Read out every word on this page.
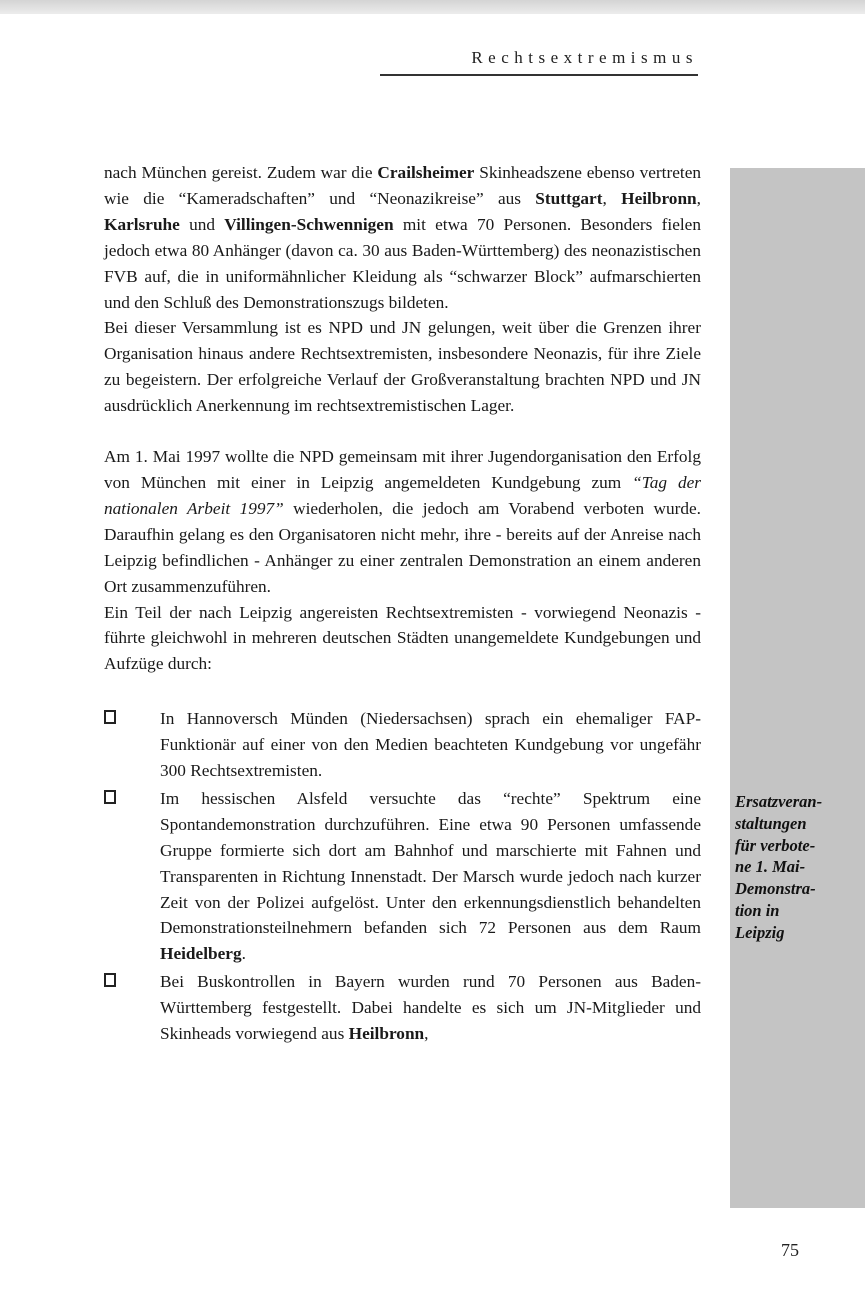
Rechtsextremismus

nach München gereist. Zudem war die Crailsheimer Skinheadszene ebenso vertreten wie die “Kameradschaften” und “Neonazikreise” aus Stuttgart, Heilbronn, Karlsruhe und Villingen-Schwennigen mit etwa 70 Personen. Besonders fielen jedoch etwa 80 Anhänger (davon ca. 30 aus Baden-Württemberg) des neonazistischen FVB auf, die in uniformähnlicher Kleidung als “schwarzer Block” aufmarschierten und den Schluß des Demonstrationszugs bildeten.

Bei dieser Versammlung ist es NPD und JN gelungen, weit über die Grenzen ihrer Organisation hinaus andere Rechtsextremisten, insbesondere Neonazis, für ihre Ziele zu begeistern. Der erfolgreiche Verlauf der Großveranstaltung brachten NPD und JN ausdrücklich Anerkennung im rechtsextremistischen Lager.

Am 1. Mai 1997 wollte die NPD gemeinsam mit ihrer Jugendorganisation den Erfolg von München mit einer in Leipzig angemeldeten Kundgebung zum “Tag der nationalen Arbeit 1997” wiederholen, die jedoch am Vorabend verboten wurde. Daraufhin gelang es den Organisatoren nicht mehr, ihre - bereits auf der Anreise nach Leipzig befindlichen - Anhänger zu einer zentralen Demonstration an einem anderen Ort zusammenzuführen.

Ein Teil der nach Leipzig angereisten Rechtsextremisten - vorwiegend Neonazis - führte gleichwohl in mehreren deutschen Städten unangemeldete Kundgebungen und Aufzüge durch:

In Hannoversch Münden (Niedersachsen) sprach ein ehemaliger FAP-Funktionär auf einer von den Medien beachteten Kundgebung vor ungefähr 300 Rechtsextremisten.
Im hessischen Alsfeld versuchte das “rechte” Spektrum eine Spontandemonstration durchzuführen. Eine etwa 90 Personen umfassende Gruppe formierte sich dort am Bahnhof und marschierte mit Fahnen und Transparenten in Richtung Innenstadt. Der Marsch wurde jedoch nach kurzer Zeit von der Polizei aufgelöst. Unter den erkennungsdienstlich behandelten Demonstrationsteilnehmern befanden sich 72 Personen aus dem Raum Heidelberg.
Bei Buskontrollen in Bayern wurden rund 70 Personen aus Baden-Württemberg festgestellt. Dabei handelte es sich um JN-Mitglieder und Skinheads vorwiegend aus Heilbronn,
Ersatzveran-
staltungen
für verbote-
ne 1. Mai-
Demonstra-
tion in
Leipzig
75
